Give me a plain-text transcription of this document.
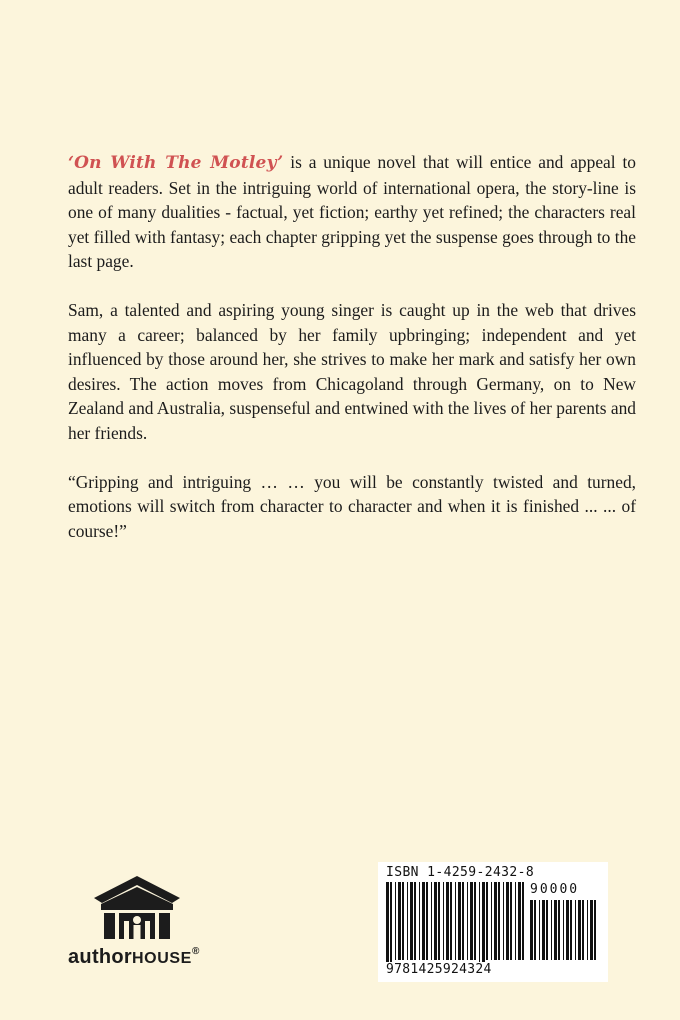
‘On With The Motley’ is a unique novel that will entice and appeal to adult readers. Set in the intriguing world of international opera, the story-line is one of many dualities - factual, yet fiction; earthy yet refined; the characters real yet filled with fantasy; each chapter gripping yet the suspense goes through to the last page.

Sam, a talented and aspiring young singer is caught up in the web that drives many a career; balanced by her family upbringing; independent and yet influenced by those around her, she strives to make her mark and satisfy her own desires. The action moves from Chicagoland through Germany, on to New Zealand and Australia, suspenseful and entwined with the lives of her parents and her friends.

“Gripping and intriguing … … you will be constantly twisted and turned, emotions will switch from character to character and when it is finished ... ... of course!”

authorHOUSE®
ISBN 1-4259-2432-8
90000
9781425924324
